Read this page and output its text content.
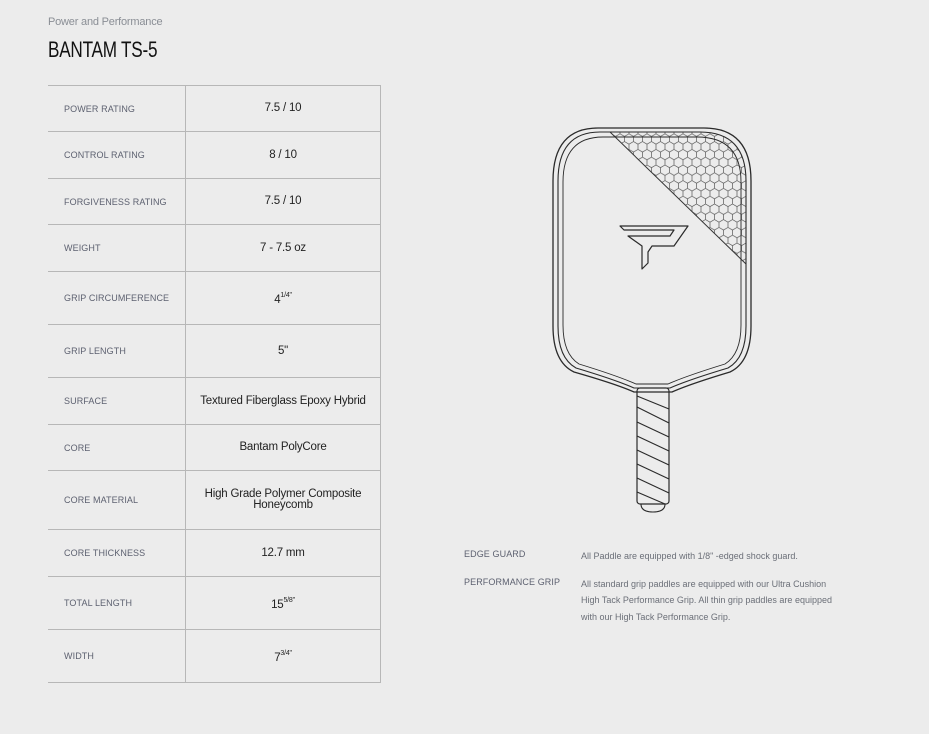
Power and Performance
BANTAM TS-5
POWER RATING	7.5 / 10
CONTROL RATING	8 / 10
FORGIVENESS RATING	7.5 / 10
WEIGHT	7 - 7.5 oz
GRIP CIRCUMFERENCE	$4^{1/4"}$
GRIP LENGTH	5"
SURFACE	Textured Fiberglass Epoxy Hybrid
CORE	Bantam PolyCore
CORE MATERIAL	High Grade Polymer Composite
Honeycomb

CORE THICKNESS	12.7 mm
TOTAL LENGTH	$15^{5/8"}$
WIDTH	$7^{3/4"}$
EDGE GUARD	All Paddle are equipped with 1/8" -edged shock guard.
PERFORMANCE GRIP	All standard grip paddles are equipped with our Ultra Cushion High Tack Performance Grip. All thin grip paddles are equipped with our High Tack Performance Grip.
